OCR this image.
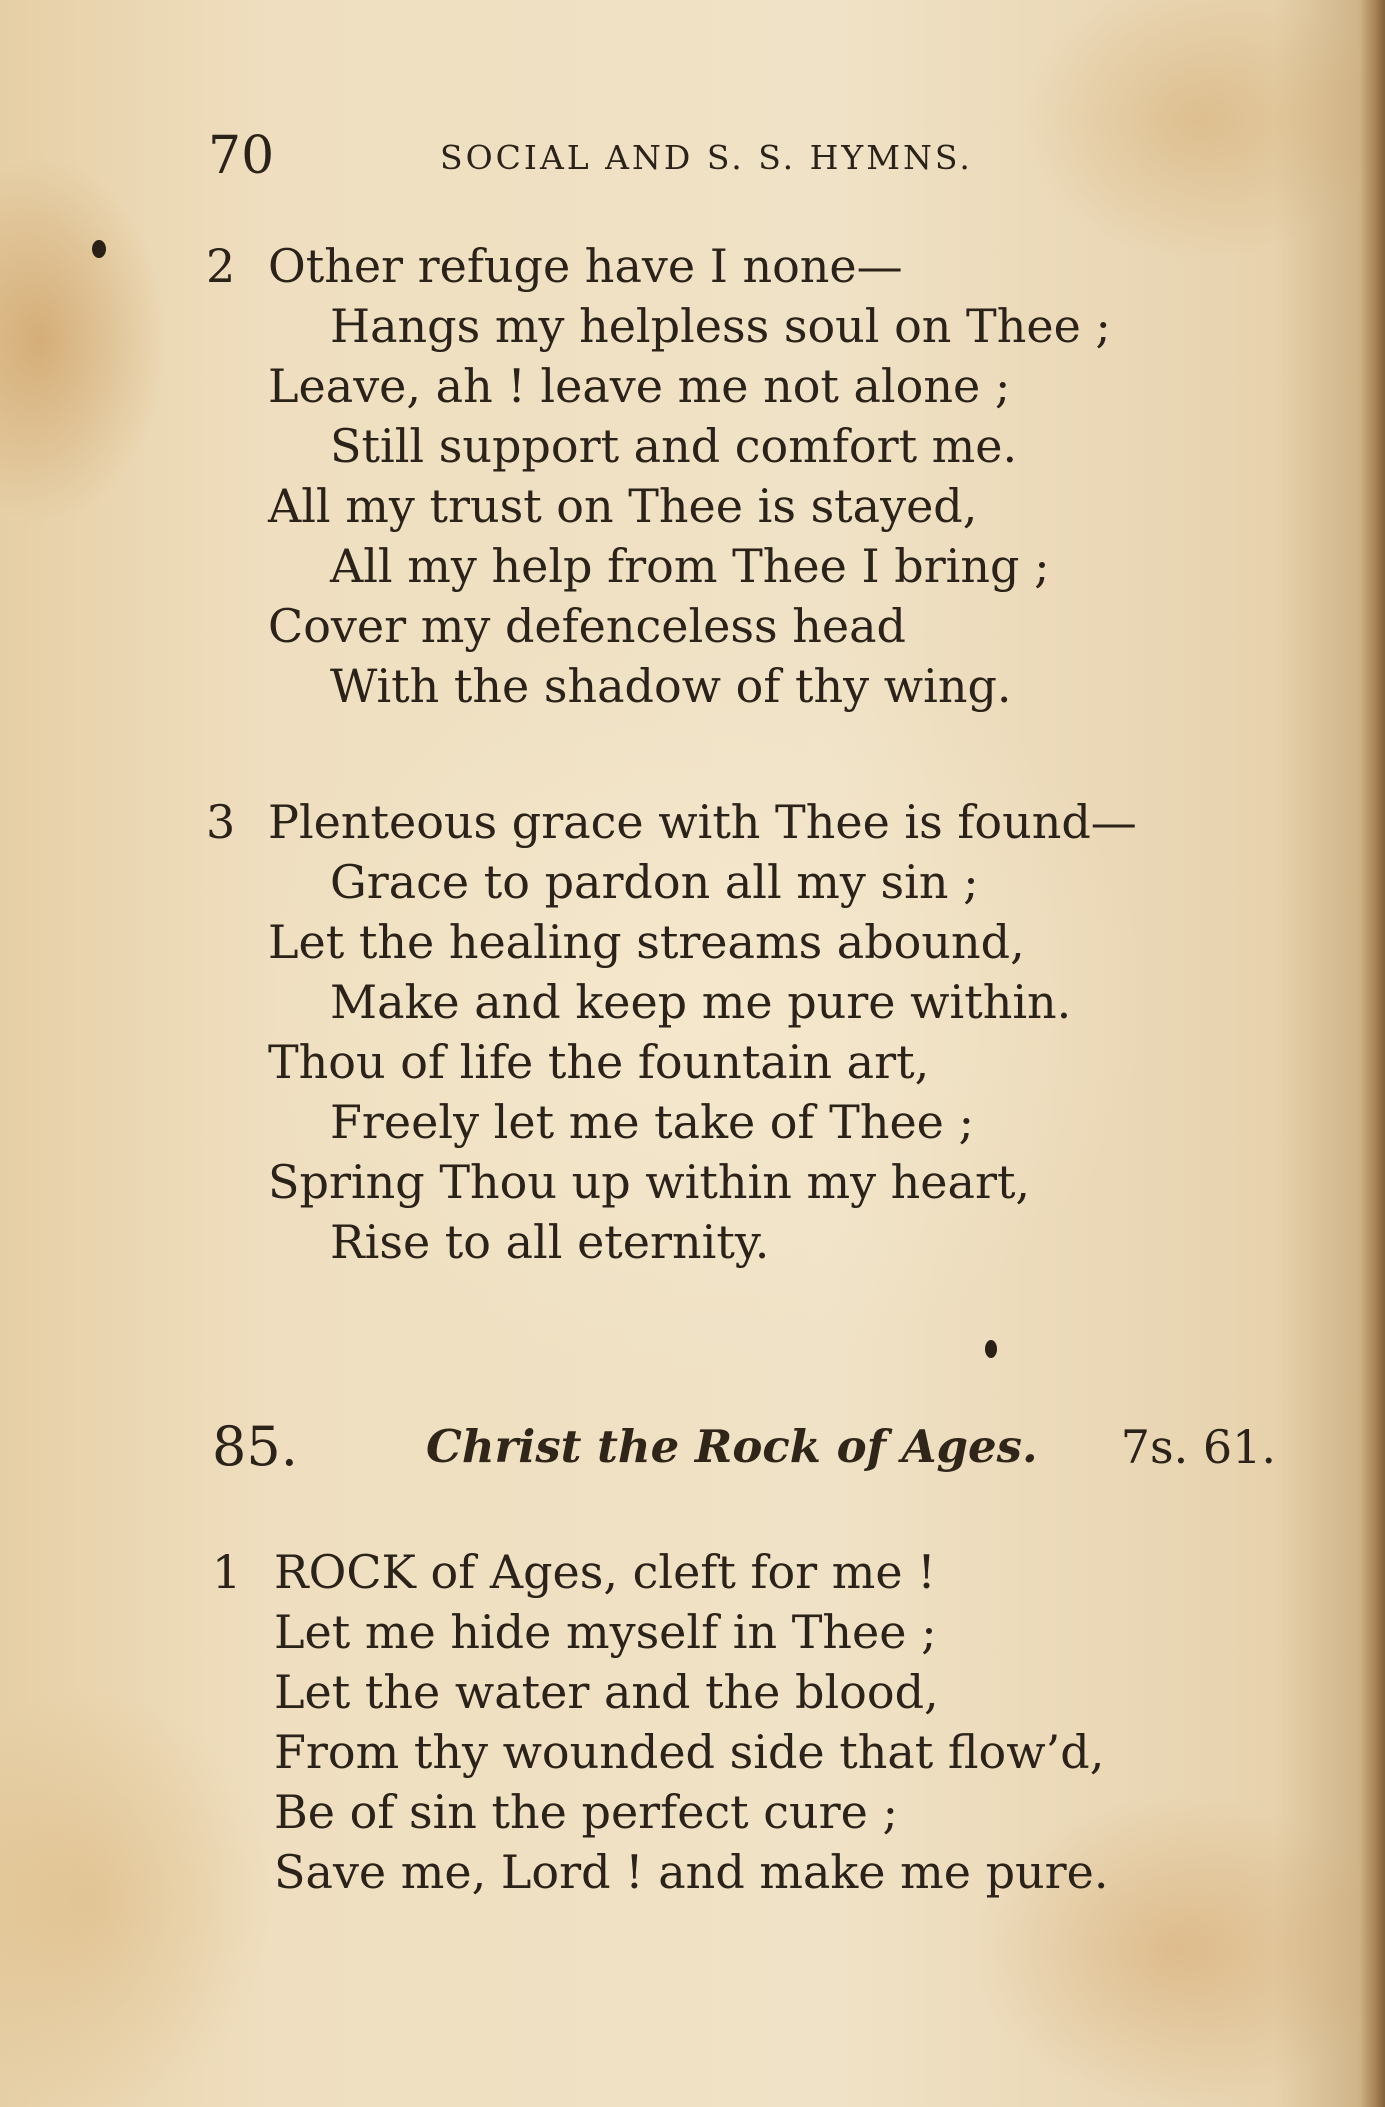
70	SOCIAL AND S. S. HYMNS.
2 Other refuge have I none—
Hangs my helpless soul on Thee ;
Leave, ah ! leave me not alone ;
Still support and comfort me.
All my trust on Thee is stayed,
All my help from Thee I bring ;
Cover my defenceless head
With the shadow of thy wing.
3 Plenteous grace with Thee is found—
Grace to pardon all my sin ;
Let the healing streams abound,
Make and keep me pure within.
Thou of life the fountain art,
Freely let me take of Thee ;
Spring Thou up within my heart,
Rise to all eternity.
85.	Christ the Rock of Ages. 7s. 61.
1 ROCK of Ages, cleft for me !
Let me hide myself in Thee ;
Let the water and the blood,
From thy wounded side that flow’d,
Be of sin the perfect cure ;
Save me, Lord ! and make me pure.
